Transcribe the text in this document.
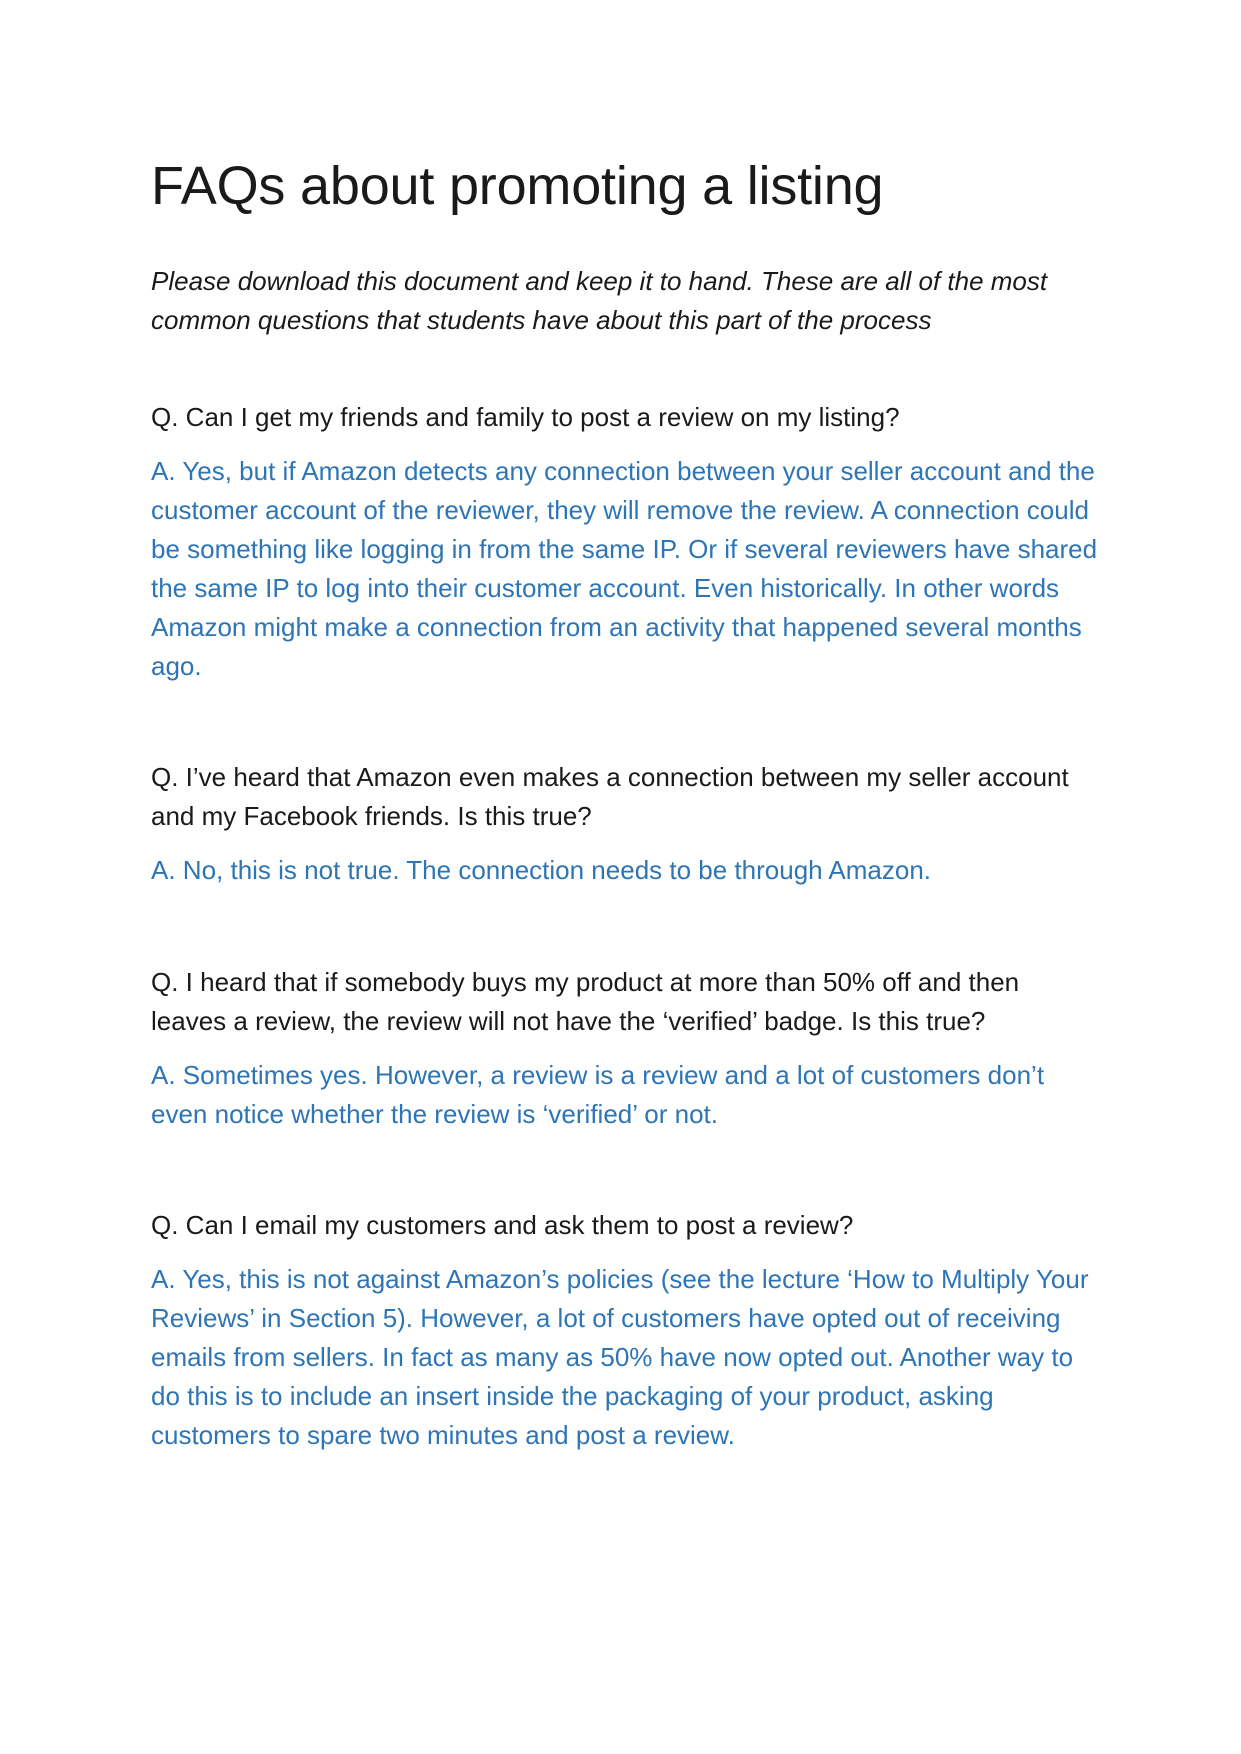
FAQs about promoting a listing

Please download this document and keep it to hand. These are all of the most common questions that students have about this part of the process

Q. Can I get my friends and family to post a review on my listing?

A. Yes, but if Amazon detects any connection between your seller account and the customer account of the reviewer, they will remove the review. A connection could be something like logging in from the same IP. Or if several reviewers have shared the same IP to log into their customer account. Even historically. In other words Amazon might make a connection from an activity that happened several months ago.

Q. I’ve heard that Amazon even makes a connection between my seller account and my Facebook friends. Is this true?

A. No, this is not true. The connection needs to be through Amazon.

Q. I heard that if somebody buys my product at more than 50% off and then leaves a review, the review will not have the ‘verified’ badge. Is this true?

A. Sometimes yes. However, a review is a review and a lot of customers don’t even notice whether the review is ‘verified’ or not.

Q. Can I email my customers and ask them to post a review?

A. Yes, this is not against Amazon’s policies (see the lecture ‘How to Multiply Your Reviews’ in Section 5). However, a lot of customers have opted out of receiving emails from sellers. In fact as many as 50% have now opted out. Another way to do this is to include an insert inside the packaging of your product, asking customers to spare two minutes and post a review.
